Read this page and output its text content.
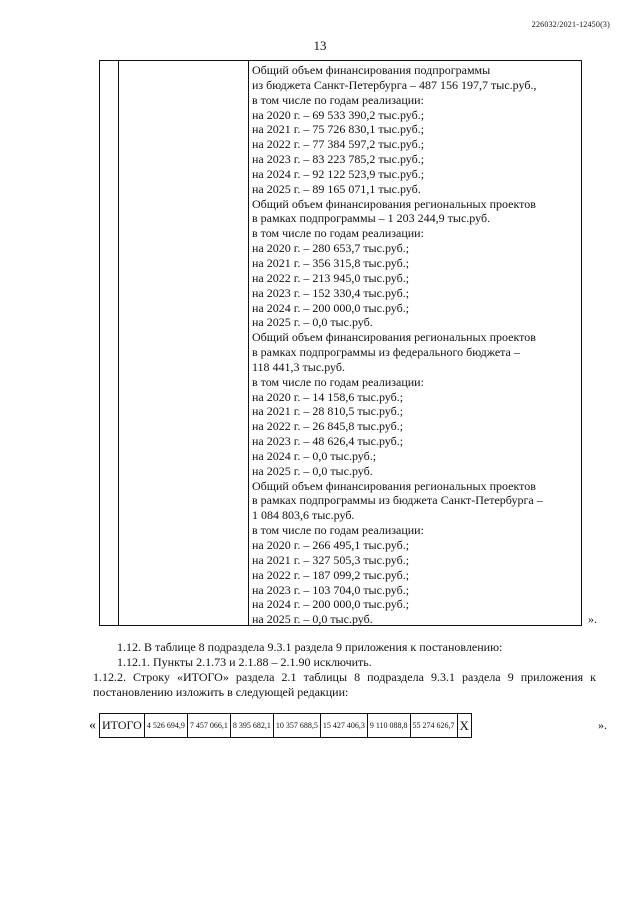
226032/2021-12450(3)
13
Общий объем финансирования подпрограммы
из бюджета Санкт-Петербурга – 487 156 197,7 тыс.руб.,
в том числе по годам реализации:
на 2020 г. – 69 533 390,2 тыс.руб.;
на 2021 г. – 75 726 830,1 тыс.руб.;
на 2022 г. – 77 384 597,2 тыс.руб.;
на 2023 г. – 83 223 785,2 тыс.руб.;
на 2024 г. – 92 122 523,9 тыс.руб.;
на 2025 г. – 89 165 071,1 тыс.руб.
Общий объем финансирования региональных проектов
в рамках подпрограммы – 1 203 244,9 тыс.руб.
в том числе по годам реализации:
на 2020 г. – 280 653,7 тыс.руб.;
на 2021 г. – 356 315,8 тыс.руб.;
на 2022 г. – 213 945,0 тыс.руб.;
на 2023 г. – 152 330,4 тыс.руб.;
на 2024 г. – 200 000,0 тыс.руб.;
на 2025 г. – 0,0 тыс.руб.
Общий объем финансирования региональных проектов
в рамках подпрограммы из федерального бюджета –
118 441,3 тыс.руб.
в том числе по годам реализации:
на 2020 г. – 14 158,6 тыс.руб.;
на 2021 г. – 28 810,5 тыс.руб.;
на 2022 г. – 26 845,8 тыс.руб.;
на 2023 г. – 48 626,4 тыс.руб.;
на 2024 г. – 0,0 тыс.руб.;
на 2025 г. – 0,0 тыс.руб.
Общий объем финансирования региональных проектов
в рамках подпрограммы из бюджета Санкт-Петербурга –
1 084 803,6 тыс.руб.
в том числе по годам реализации:
на 2020 г. – 266 495,1 тыс.руб.;
на 2021 г. – 327 505,3 тыс.руб.;
на 2022 г. – 187 099,2 тыс.руб.;
на 2023 г. – 103 704,0 тыс.руб.;
на 2024 г. – 200 000,0 тыс.руб.;
на 2025 г. – 0,0 тыс.руб.	».
1.12. В таблице 8 подраздела 9.3.1 раздела 9 приложения к постановлению:
1.12.1. Пункты 2.1.73 и 2.1.88 – 2.1.90 исключить.
1.12.2. Строку «ИТОГО» раздела 2.1 таблицы 8 подраздела 9.3.1 раздела 9 приложения к постановлению изложить в следующей редакции:
« ИТОГО	4 526 694,9	7 457 066,1	8 395 682,1	10 357 688,5	15 427 406,3	9 110 088,8	55 274 626,7	X	».
